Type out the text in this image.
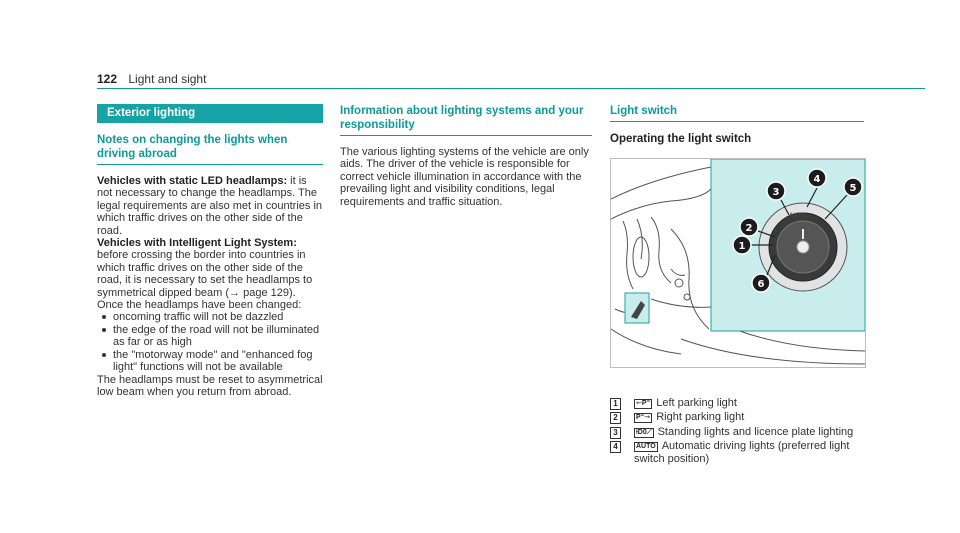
122 Light and sight
Exterior lighting
Notes on changing the lights when driving abroad

Vehicles with static LED headlamps: it is not necessary to change the headlamps. The legal requirements are also met in countries in which traffic drives on the other side of the road.

Vehicles with Intelligent Light System: before crossing the border into countries in which traffic drives on the other side of the road, it is necessary to set the headlamps to symmetrical dipped beam (→ page 129).

Once the headlamps have been changed:

oncoming traffic will not be dazzled
the edge of the road will not be illuminated as far or as high
the "motorway mode" and "enhanced fog light" functions will not be available

The headlamps must be reset to asymmetrical low beam when you return from abroad.

Information about lighting systems and your responsibility

The various lighting systems of the vehicle are only aids. The driver of the vehicle is responsible for correct vehicle illumination in accordance with the prevailing light and visibility conditions, legal requirements and traffic situation.

Light switch
Operating the light switch
AUTO
1
2
3
4
5
6
1	⇽P⁼ Left parking light
2	P⁼⇾ Right parking light
3	⟊D0⟋ Standing lights and licence plate lighting
4	AUTO Automatic driving lights (preferred light switch position)
